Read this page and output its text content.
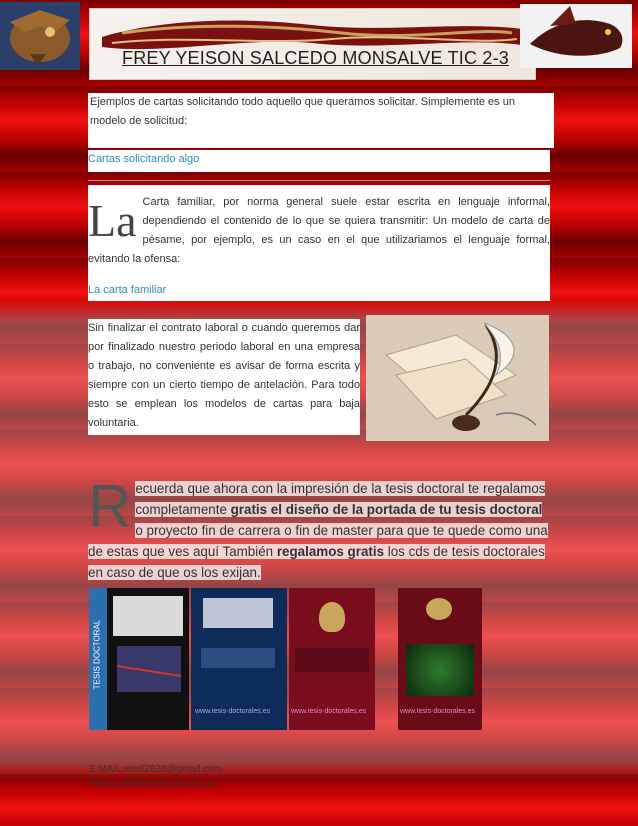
FREY YEISON SALCEDO MONSALVE TIC 2-3
Ejemplos de cartas solicitando todo aquello que queramos solicitar. Simplemente es un modelo de solicitud:
Cartas solicitando algo
La Carta familiar, por norma general suele estar escrita en lenguaje informal, dependiendo el contenido de lo que se quiera transmitir: Un modelo de carta de pésame, por ejemplo, es un caso en el que utilizariamos el lenguaje formal, evitando la ofensa:
La carta familiar
Sin finalizar el contrato laboral o cuando queremos dar por finalizado nuestro periodo laboral en una empresa o trabajo, no conveniente es avisar de forma escrita y siempre con un cierto tiempo de antelación. Para todo esto se emplean los modelos de cartas para baja voluntaria.
R ecuerda que ahora con la impresión de la tesis doctoral te regalamos completamente gratis el diseño de la portada de tu tesis doctoral o proyecto fin de carrera o fin de master para que te quede como una de estas que ves aquí También regalamos gratis los cds de tesis doctorales en caso de que os los exijan.
TESIS DOCTORAL
www.tesis-doctorales.es	www.tesis-doctorales.es	www.tesis-doctorales.es
E.MAIL:ete82828@gmail.com
Fecha:20/08/2015 03:45 p.m.
